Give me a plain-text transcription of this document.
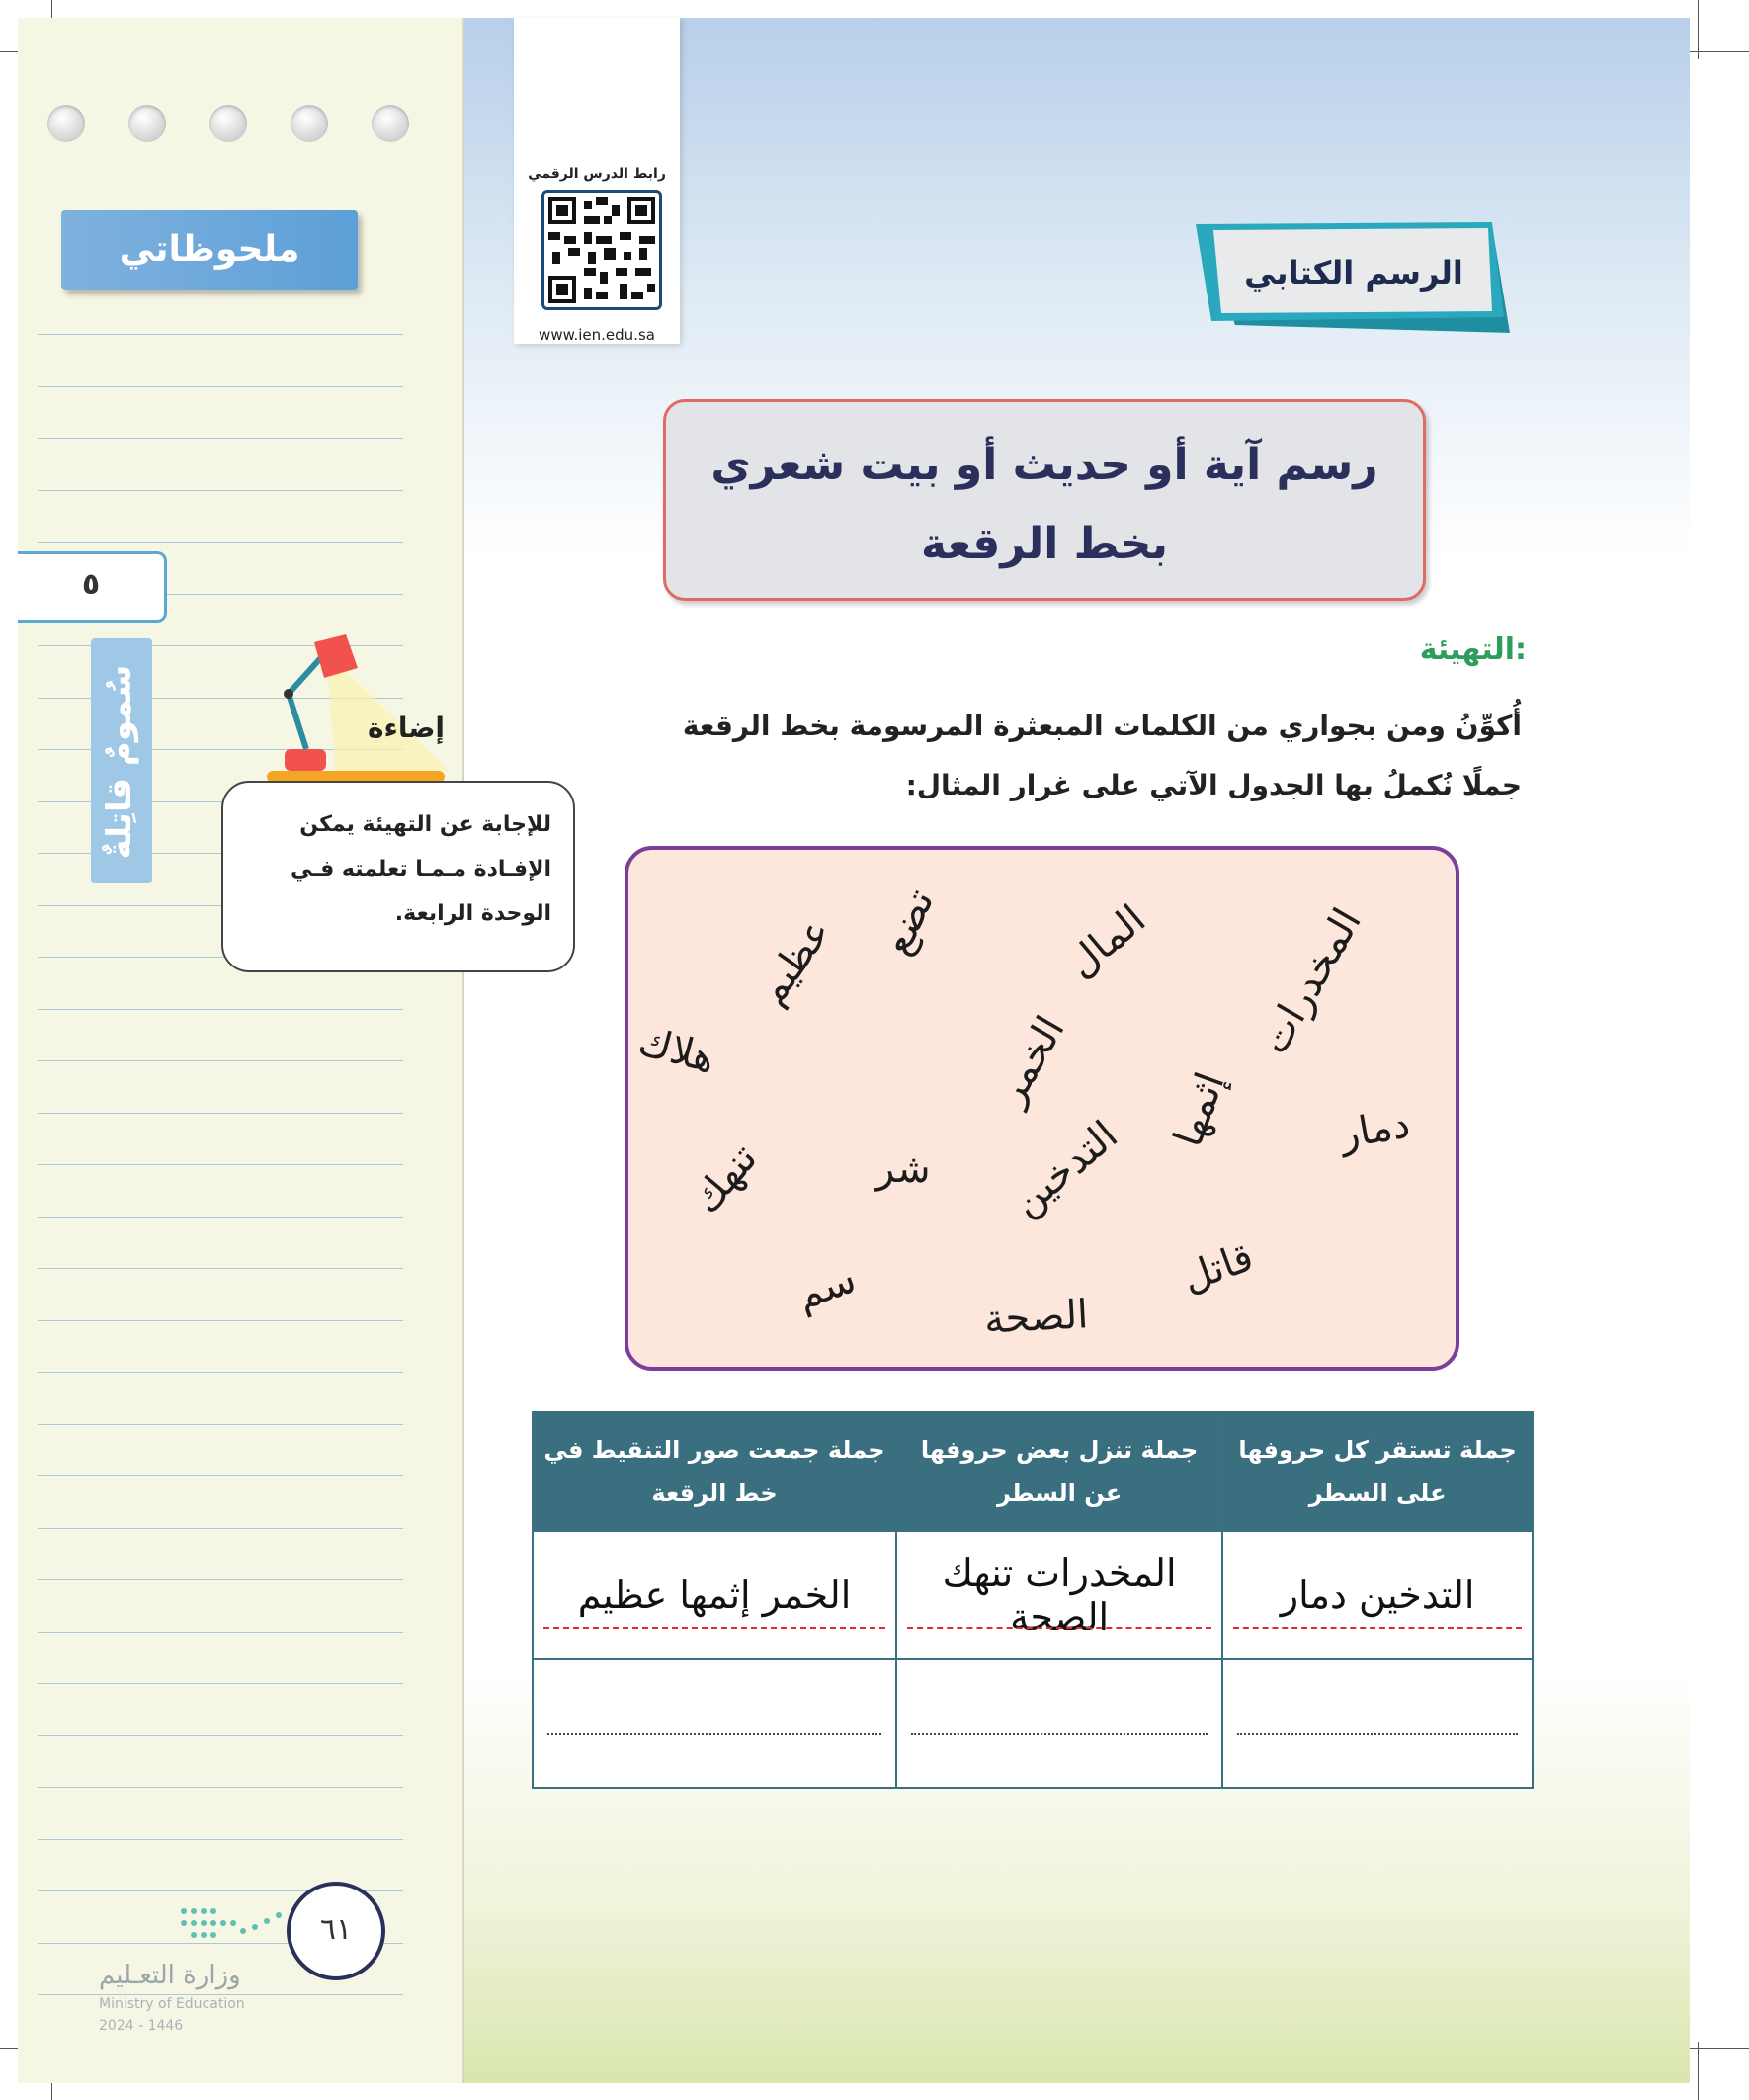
ملحوظاتي
٥
سُمومٌ قاتِلةٌ
رابط الدرس الرقمي
www.ien.edu.sa
الرسم الكتابي
رسم آية أو حديث أو بيت شعري
بخط الرقعة
التهيئة:
أُكوِّنُ ومن بجواري من الكلمات المبعثرة المرسومة بخط الرقعة جملًا نُكملُ بها الجدول الآتي على غرار المثال:
إضاءة
للإجابة عن التهيئة يمكن الإفـادة مـمـا تعلمته فـي الوحدة الرابعة.	تضع
عظيم	المال المخدرات
هلاك	الخمر إثمها	دمار
تنهك	شر التدخين
سم	قاتل
الصحة
جملة جمعت صور التنقيط في خط الرقعة	جملة تنزل بعض حروفها عن السطر	جملة تستقر كل حروفها على السطر
الخمر إثمها عظيم	المخدرات تنهك الصحة	التدخين دمار

٦١
وزارة التعـليم
Ministry of Education
2024 - 1446
